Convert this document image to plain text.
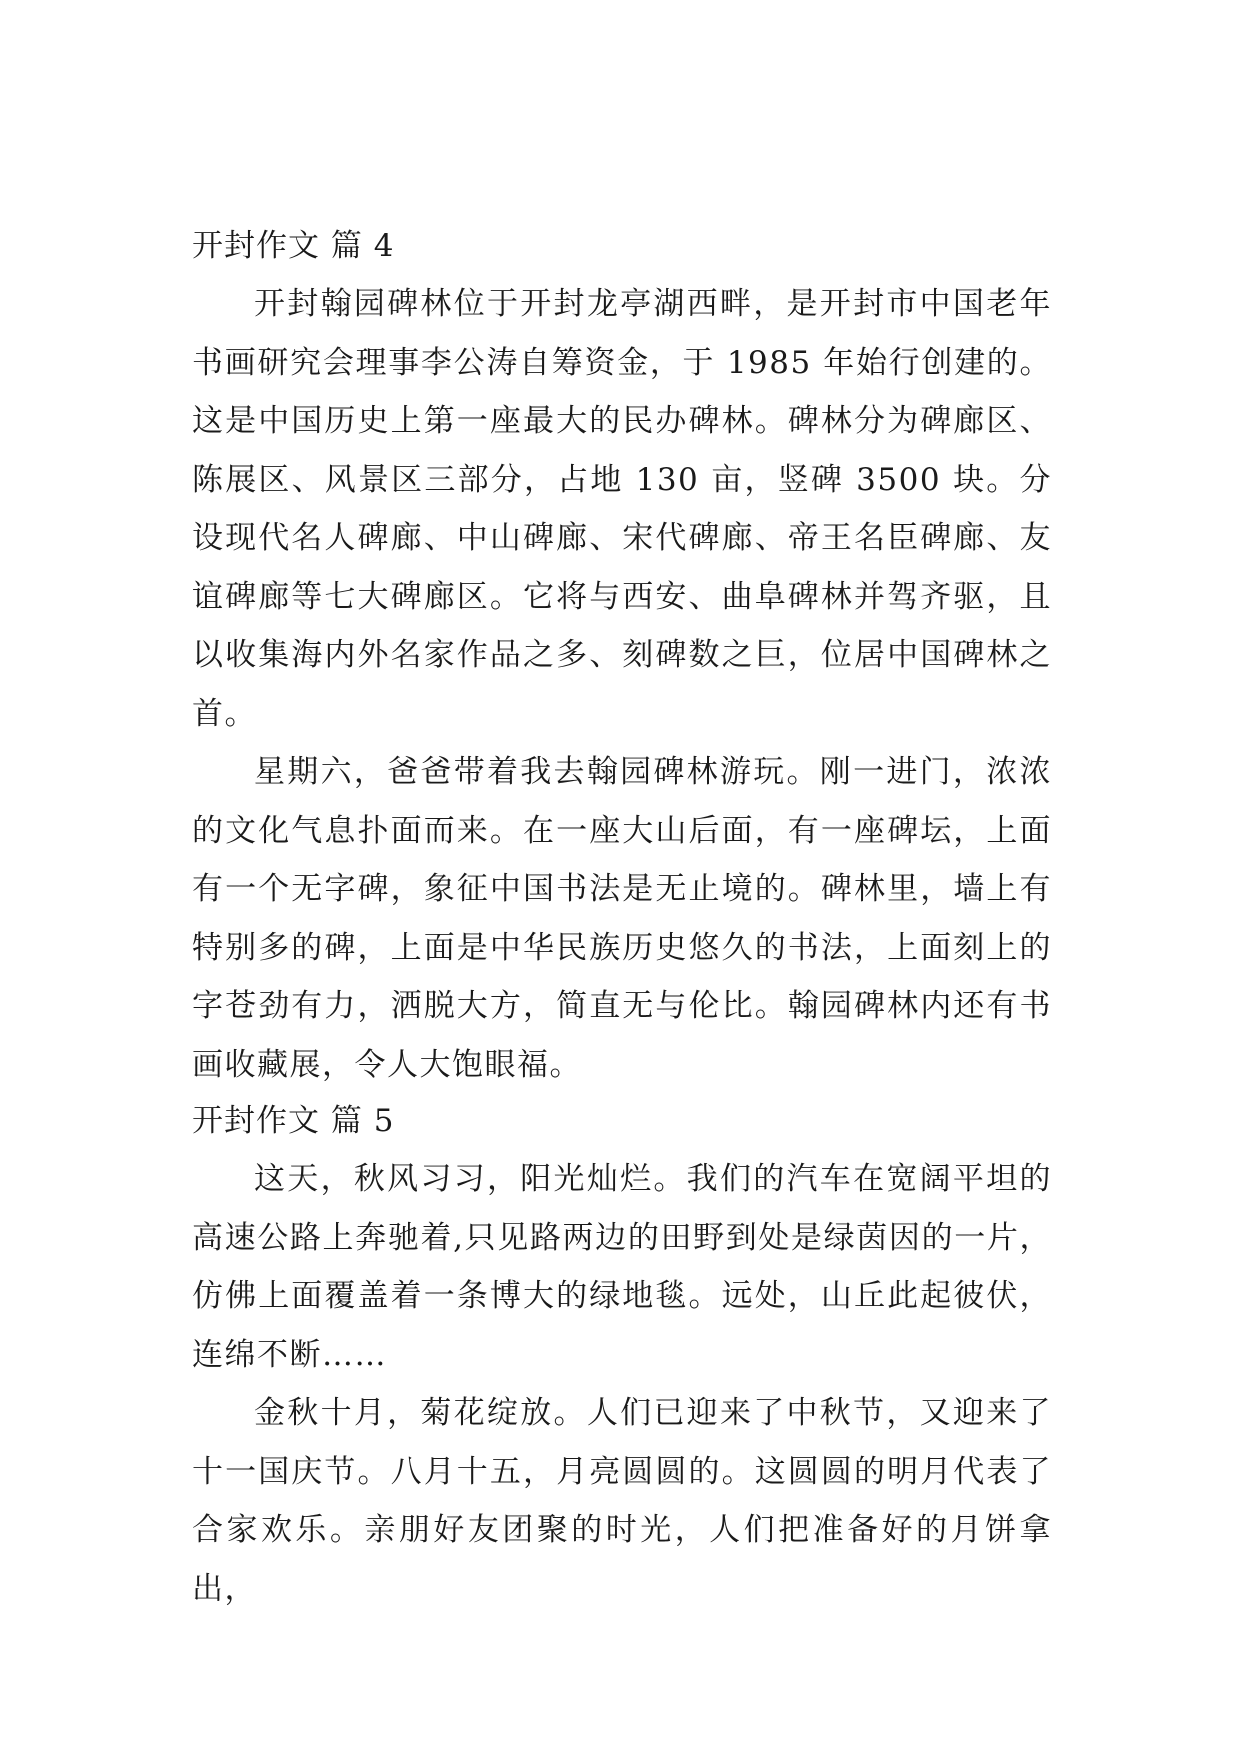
开封作文 篇 4

开封翰园碑林位于开封龙亭湖西畔，是开封市中国老年书画研究会理事李公涛自筹资金，于 1985 年始行创建的。这是中国历史上第一座最大的民办碑林。碑林分为碑廊区、陈展区、风景区三部分，占地 130 亩，竖碑 3500 块。分设现代名人碑廊、中山碑廊、宋代碑廊、帝王名臣碑廊、友谊碑廊等七大碑廊区。它将与西安、曲阜碑林并驾齐驱，且以收集海内外名家作品之多、刻碑数之巨，位居中国碑林之首。

星期六，爸爸带着我去翰园碑林游玩。刚一进门，浓浓的文化气息扑面而来。在一座大山后面，有一座碑坛，上面有一个无字碑，象征中国书法是无止境的。碑林里，墙上有特别多的碑，上面是中华民族历史悠久的书法，上面刻上的字苍劲有力，洒脱大方，简直无与伦比。翰园碑林内还有书画收藏展，令人大饱眼福。

开封作文 篇 5

这天，秋风习习，阳光灿烂。我们的汽车在宽阔平坦的高速公路上奔驰着,只见路两边的田野到处是绿茵因的一片，仿佛上面覆盖着一条博大的绿地毯。远处，山丘此起彼伏，连绵不断……

金秋十月，菊花绽放。人们已迎来了中秋节，又迎来了十一国庆节。八月十五，月亮圆圆的。这圆圆的明月代表了合家欢乐。亲朋好友团聚的时光，人们把准备好的月饼拿出，
